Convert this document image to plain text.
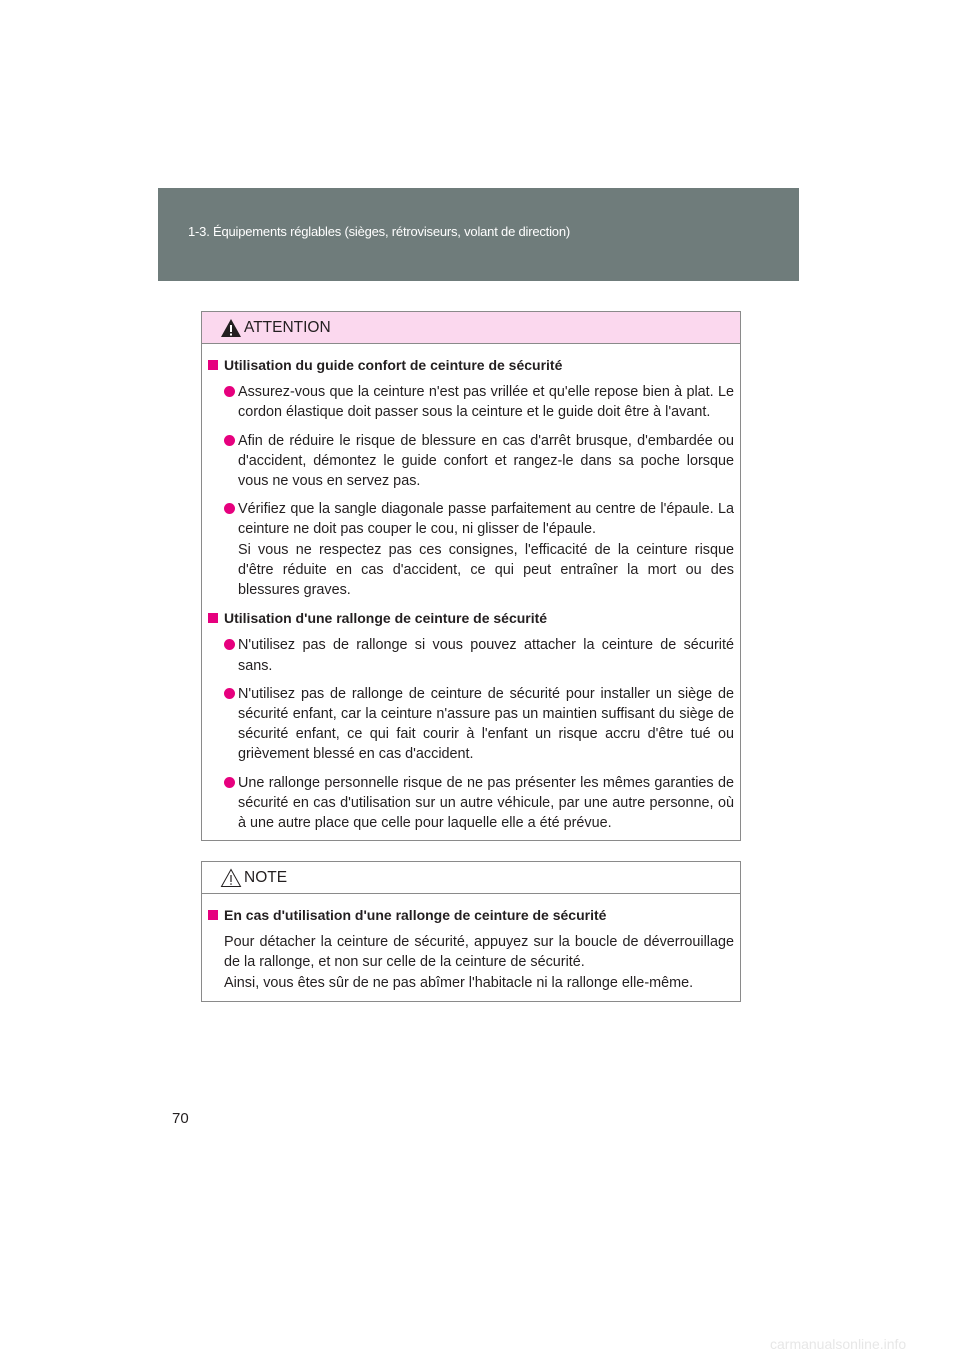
1-3. Équipements réglables (sièges, rétroviseurs, volant de direction)
ATTENTION
Utilisation du guide confort de ceinture de sécurité

Assurez-vous que la ceinture n'est pas vrillée et qu'elle repose bien à plat. Le cordon élastique doit passer sous la ceinture et le guide doit être à l'avant.

Afin de réduire le risque de blessure en cas d'arrêt brusque, d'embardée ou d'accident, démontez le guide confort et rangez-le dans sa poche lorsque vous ne vous en servez pas.

Vérifiez que la sangle diagonale passe parfaitement au centre de l'épaule. La ceinture ne doit pas couper le cou, ni glisser de l'épaule.

Si vous ne respectez pas ces consignes, l'efficacité de la ceinture risque d'être réduite en cas d'accident, ce qui peut entraîner la mort ou des blessures graves.

Utilisation d'une rallonge de ceinture de sécurité

N'utilisez pas de rallonge si vous pouvez attacher la ceinture de sécurité sans.

N'utilisez pas de rallonge de ceinture de sécurité pour installer un siège de sécurité enfant, car la ceinture n'assure pas un maintien suffisant du siège de sécurité enfant, ce qui fait courir à l'enfant un risque accru d'être tué ou grièvement blessé en cas d'accident.

Une rallonge personnelle risque de ne pas présenter les mêmes garanties de sécurité en cas d'utilisation sur un autre véhicule, par une autre personne, où à une autre place que celle pour laquelle elle a été prévue.

NOTE
En cas d'utilisation d'une rallonge de ceinture de sécurité

Pour détacher la ceinture de sécurité, appuyez sur la boucle de déverrouillage de la rallonge, et non sur celle de la ceinture de sécurité.

Ainsi, vous êtes sûr de ne pas abîmer l'habitacle ni la rallonge elle-même.

70
carmanualsonline.info
